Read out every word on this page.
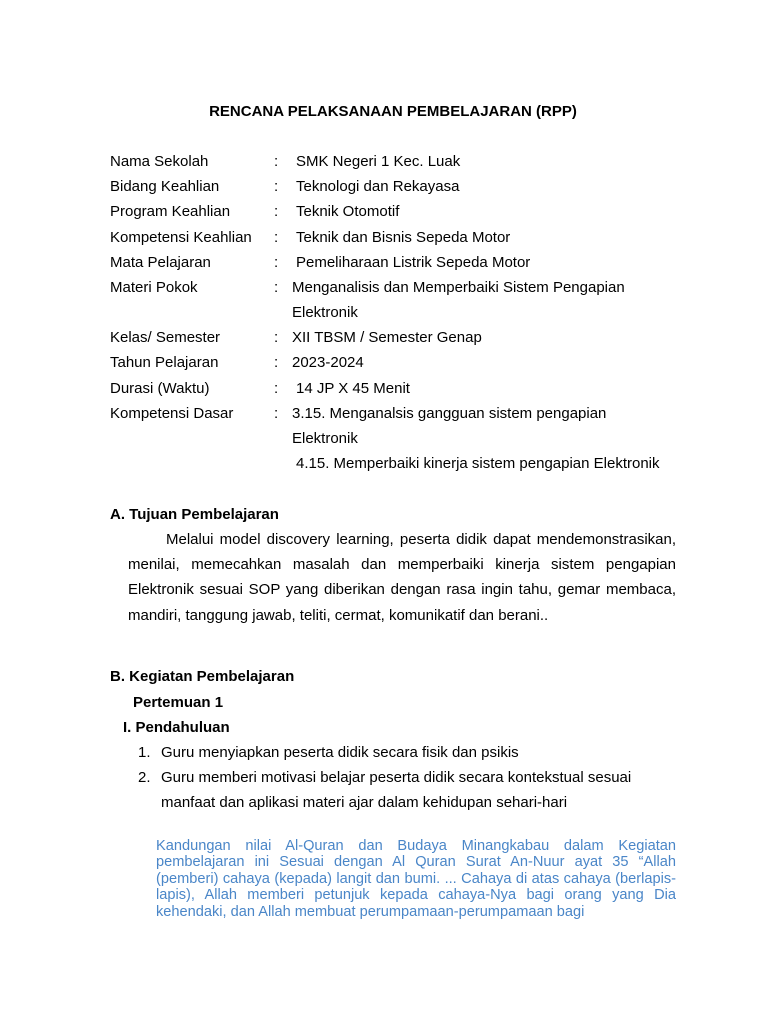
RENCANA PELAKSANAAN PEMBELAJARAN (RPP)
Nama Sekolah	: SMK Negeri 1 Kec. Luak
Bidang Keahlian	: Teknologi dan Rekayasa
Program Keahlian	: Teknik Otomotif
Kompetensi Keahlian : Teknik dan Bisnis Sepeda Motor
Mata Pelajaran	: Pemeliharaan Listrik Sepeda Motor
Materi Pokok	: Menganalisis dan Memperbaiki Sistem Pengapian
Elektronik
Kelas/ Semester	: XII TBSM / Semester Genap
Tahun Pelajaran	: 2023-2024
Durasi (Waktu)	: 14 JP X 45 Menit
Kompetensi Dasar	: 3.15. Menganalsis gangguan sistem pengapian
Elektronik
4.15. Memperbaiki kinerja sistem pengapian Elektronik
A. Tujuan Pembelajaran
Melalui model discovery learning, peserta didik dapat mendemonstrasikan, menilai, memecahkan masalah dan memperbaiki kinerja sistem pengapian Elektronik sesuai SOP yang diberikan dengan rasa ingin tahu, gemar membaca, mandiri, tanggung jawab, teliti, cermat, komunikatif dan berani..
B. Kegiatan Pembelajaran
Pertemuan 1
I. Pendahuluan
1. Guru menyiapkan peserta didik secara fisik dan psikis
2. Guru memberi motivasi belajar peserta didik secara kontekstual sesuai manfaat dan aplikasi materi ajar dalam kehidupan sehari-hari
Kandungan nilai Al-Quran dan Budaya Minangkabau dalam Kegiatan pembelajaran ini Sesuai dengan Al Quran Surat An-Nuur ayat 35 “Allah (pemberi) cahaya (kepada) langit dan bumi. ... Cahaya di atas cahaya (berlapis-lapis), Allah memberi petunjuk kepada cahaya-Nya bagi orang yang Dia kehendaki, dan Allah membuat perumpamaan-perumpamaan bagi
